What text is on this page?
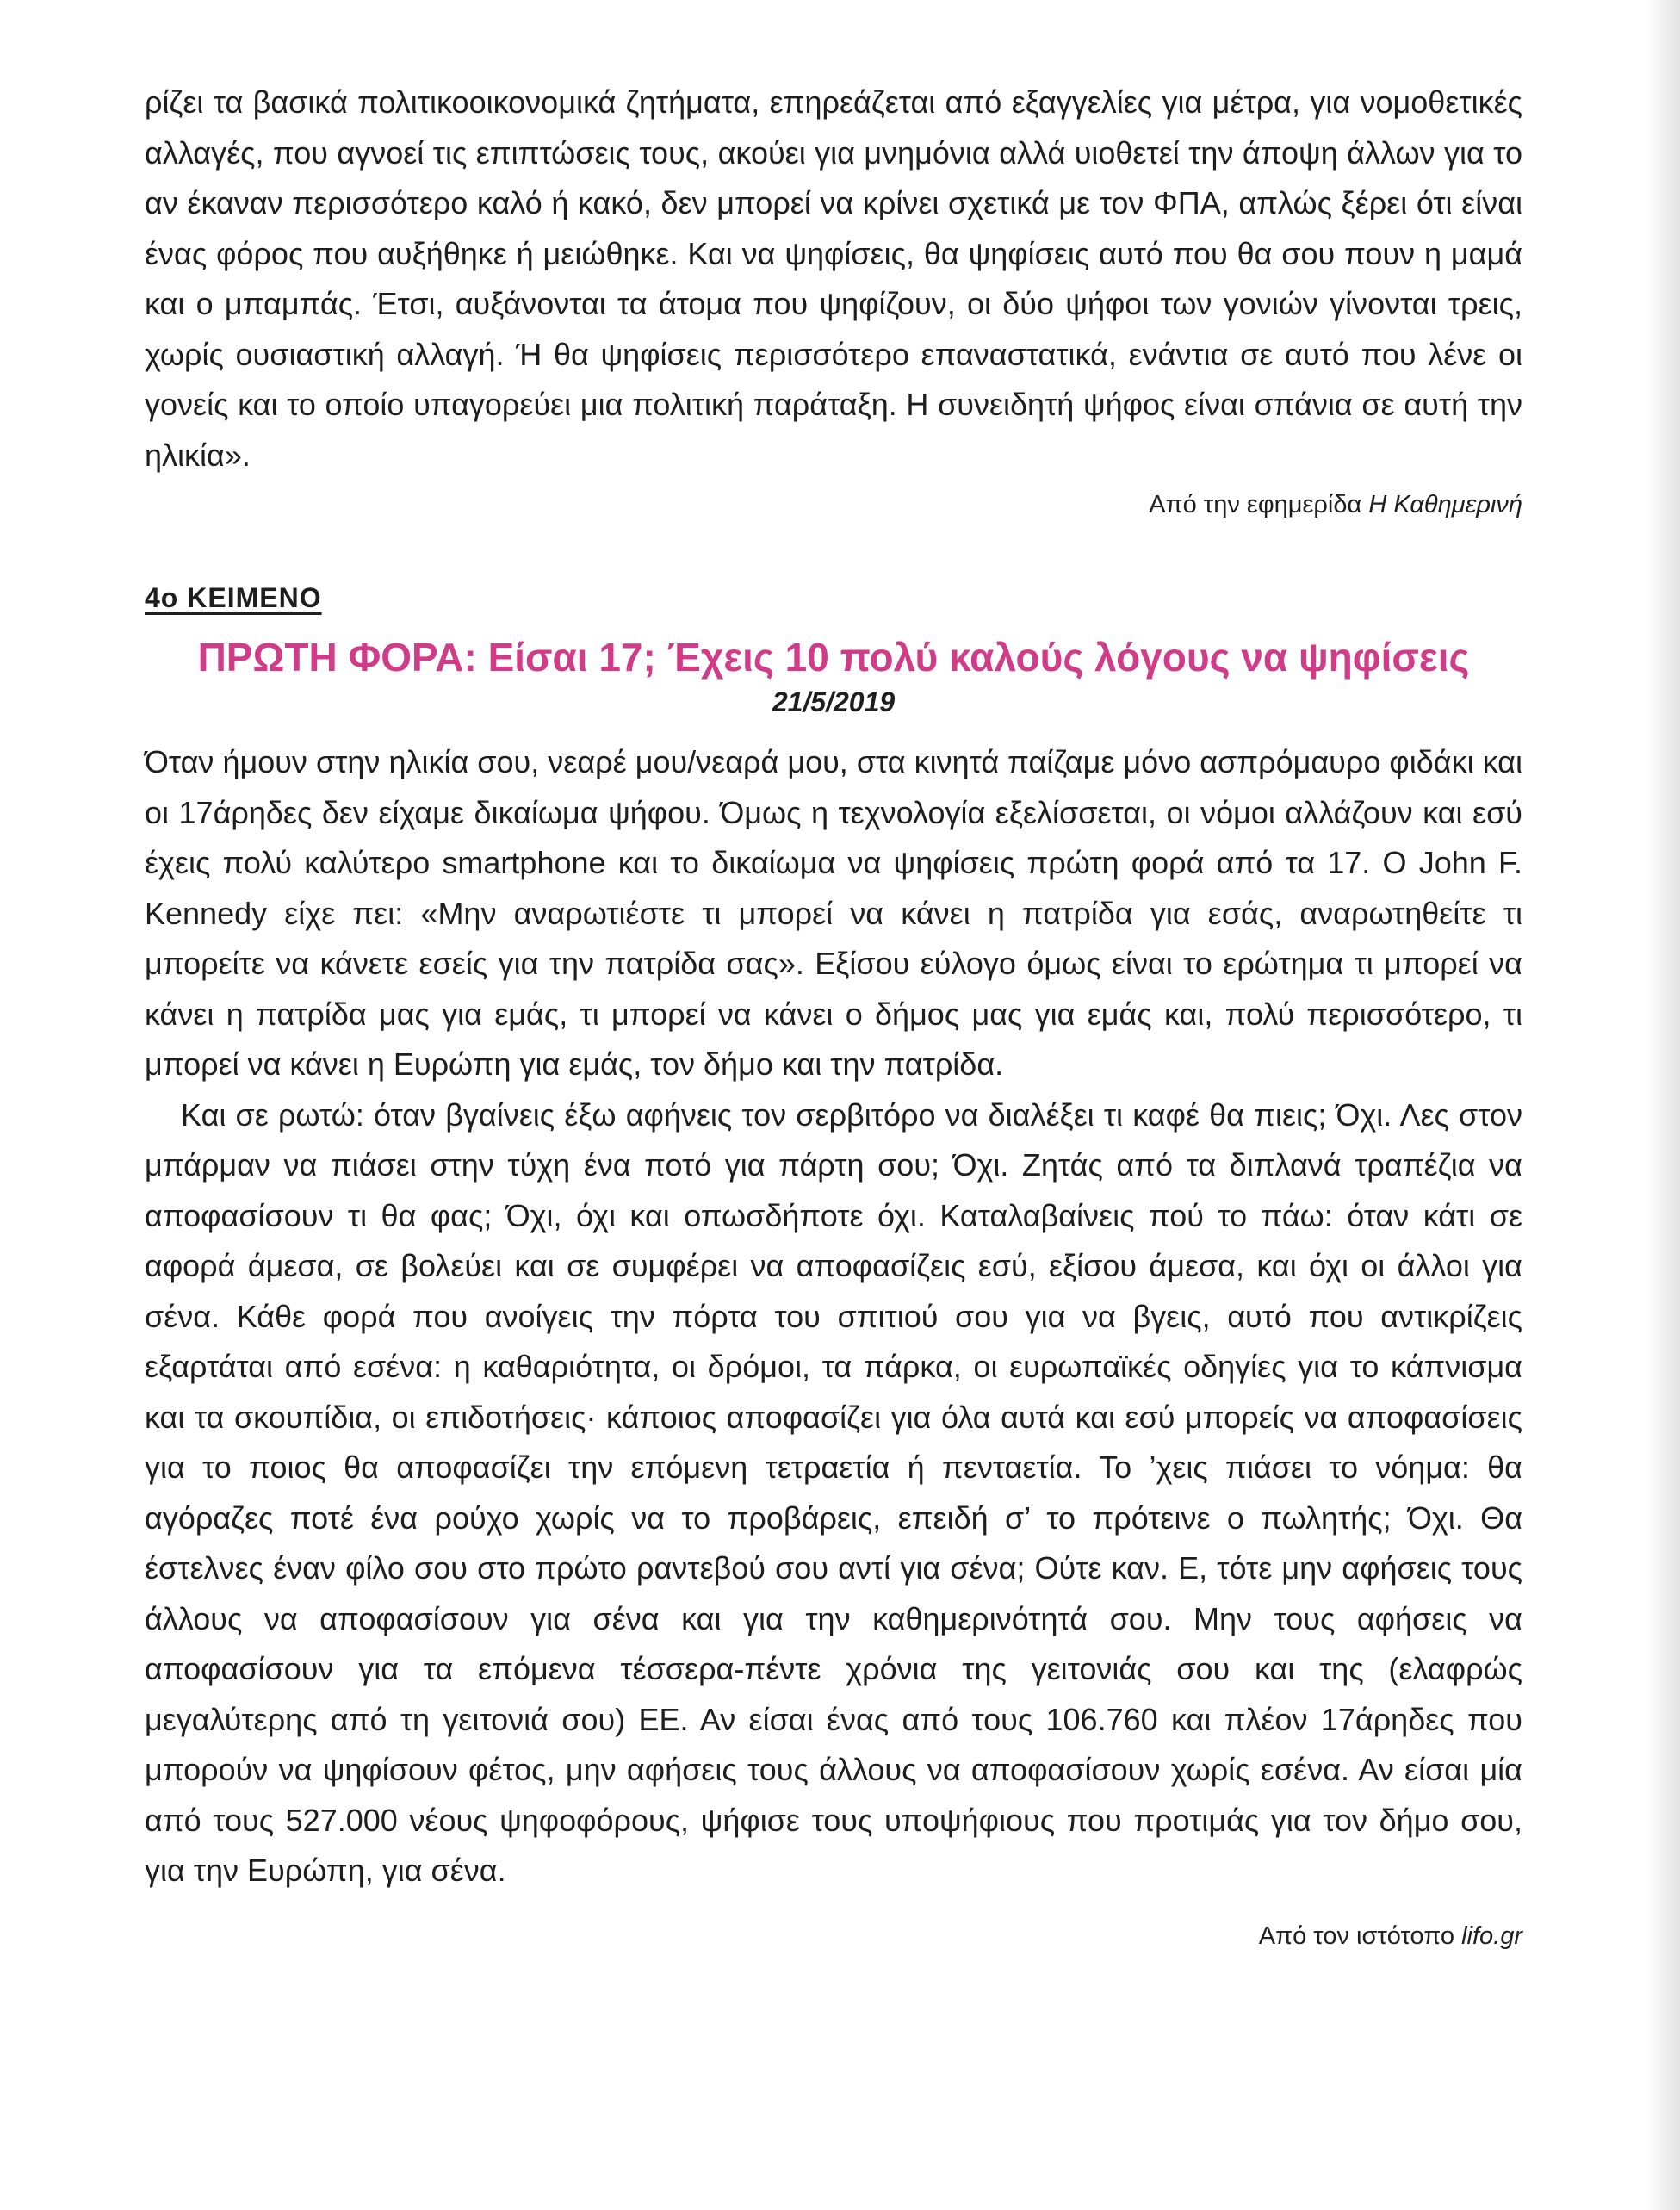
ρίζει τα βασικά πολιτικοοικονομικά ζητήματα, επηρεάζεται από εξαγγελίες για μέτρα, για νομοθετικές αλλαγές, που αγνοεί τις επιπτώσεις τους, ακούει για μνημόνια αλλά υιοθετεί την άποψη άλλων για το αν έκαναν περισσότερο καλό ή κακό, δεν μπορεί να κρίνει σχετικά με τον ΦΠΑ, απλώς ξέρει ότι είναι ένας φόρος που αυξήθηκε ή μειώθηκε. Και να ψηφίσεις, θα ψηφίσεις αυτό που θα σου πουν η μαμά και ο μπαμπάς. Έτσι, αυξάνονται τα άτομα που ψηφίζουν, οι δύο ψήφοι των γονιών γίνονται τρεις, χωρίς ουσιαστική αλλαγή. Ή θα ψηφίσεις περισσότερο επαναστατικά, ενάντια σε αυτό που λένε οι γονείς και το οποίο υπαγορεύει μια πολιτική παράταξη. Η συνειδητή ψήφος είναι σπάνια σε αυτή την ηλικία».

Από την εφημερίδα Η Καθημερινή
4ο ΚΕΙΜΕΝΟ
ΠΡΩΤΗ ΦΟΡΑ: Είσαι 17; Έχεις 10 πολύ καλούς λόγους να ψηφίσεις
21/5/2019

Όταν ήμουν στην ηλικία σου, νεαρέ μου/νεαρά μου, στα κινητά παίζαμε μόνο ασπρόμαυρο φιδάκι και οι 17άρηδες δεν είχαμε δικαίωμα ψήφου. Όμως η τεχνολογία εξελίσσεται, οι νόμοι αλλάζουν και εσύ έχεις πολύ καλύτερο smartphone και το δικαίωμα να ψηφίσεις πρώτη φορά από τα 17. Ο John F. Kennedy είχε πει: «Μην αναρωτιέστε τι μπορεί να κάνει η πατρίδα για εσάς, αναρωτηθείτε τι μπορείτε να κάνετε εσείς για την πατρίδα σας». Εξίσου εύλογο όμως είναι το ερώτημα τι μπορεί να κάνει η πατρίδα μας για εμάς, τι μπορεί να κάνει ο δήμος μας για εμάς και, πολύ περισσότερο, τι μπορεί να κάνει η Ευρώπη για εμάς, τον δήμο και την πατρίδα.

Και σε ρωτώ: όταν βγαίνεις έξω αφήνεις τον σερβιτόρο να διαλέξει τι καφέ θα πιεις; Όχι. Λες στον μπάρμαν να πιάσει στην τύχη ένα ποτό για πάρτη σου; Όχι. Ζητάς από τα διπλανά τραπέζια να αποφασίσουν τι θα φας; Όχι, όχι και οπωσδήποτε όχι. Καταλαβαίνεις πού το πάω: όταν κάτι σε αφορά άμεσα, σε βολεύει και σε συμφέρει να αποφασίζεις εσύ, εξίσου άμεσα, και όχι οι άλλοι για σένα. Κάθε φορά που ανοίγεις την πόρτα του σπιτιού σου για να βγεις, αυτό που αντικρίζεις εξαρτάται από εσένα: η καθαριότητα, οι δρόμοι, τα πάρκα, οι ευρωπαϊκές οδηγίες για το κάπνισμα και τα σκουπίδια, οι επιδοτήσεις· κάποιος αποφασίζει για όλα αυτά και εσύ μπορείς να αποφασίσεις για το ποιος θα αποφασίζει την επόμενη τετραετία ή πενταετία. Το ’χεις πιάσει το νόημα: θα αγόραζες ποτέ ένα ρούχο χωρίς να το προβάρεις, επειδή σ’ το πρότεινε ο πωλητής; Όχι. Θα έστελνες έναν φίλο σου στο πρώτο ραντεβού σου αντί για σένα; Ούτε καν. Ε, τότε μην αφήσεις τους άλλους να αποφασίσουν για σένα και για την καθημερινότητά σου. Μην τους αφήσεις να αποφασίσουν για τα επόμενα τέσσερα-πέντε χρόνια της γειτονιάς σου και της (ελαφρώς μεγαλύτερης από τη γειτονιά σου) ΕΕ. Αν είσαι ένας από τους 106.760 και πλέον 17άρηδες που μπορούν να ψηφίσουν φέτος, μην αφήσεις τους άλλους να αποφασίσουν χωρίς εσένα. Αν είσαι μία από τους 527.000 νέους ψηφοφόρους, ψήφισε τους υποψήφιους που προτιμάς για τον δήμο σου, για την Ευρώπη, για σένα.

Από τον ιστότοπο lifo.gr
